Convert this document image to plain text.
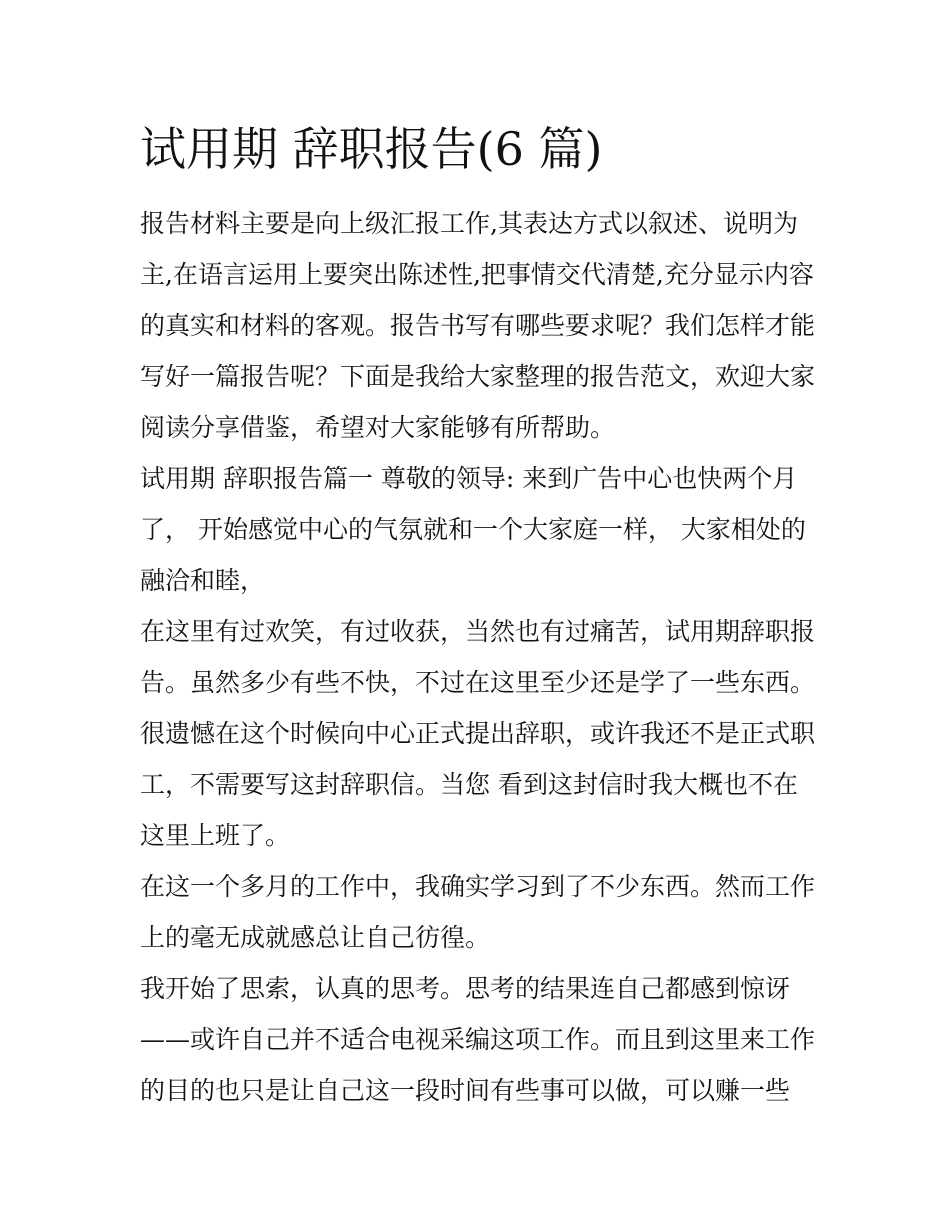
试用期 辞职报告(6 篇)
报告材料主要是向上级汇报工作,其表达方式以叙述、说明为
主,在语言运用上要突出陈述性,把事情交代清楚,充分显示内容
的真实和材料的客观。报告书写有哪些要求呢？我们怎样才能
写好一篇报告呢？下面是我给大家整理的报告范文，欢迎大家
阅读分享借鉴，希望对大家能够有所帮助。
试用期 辞职报告篇一 尊敬的领导: 来到广告中心也快两个月
了， 开始感觉中心的气氛就和一个大家庭一样， 大家相处的
融洽和睦，
在这里有过欢笑，有过收获，当然也有过痛苦，试用期辞职报
告。虽然多少有些不快，不过在这里至少还是学了一些东西。
很遗憾在这个时候向中心正式提出辞职，或许我还不是正式职
工，不需要写这封辞职信。当您 看到这封信时我大概也不在
这里上班了。
在这一个多月的工作中，我确实学习到了不少东西。然而工作
上的毫无成就感总让自己彷徨。
我开始了思索，认真的思考。思考的结果连自己都感到惊讶
——或许自己并不适合电视采编这项工作。而且到这里来工作
的目的也只是让自己这一段时间有些事可以做，可以赚一些
